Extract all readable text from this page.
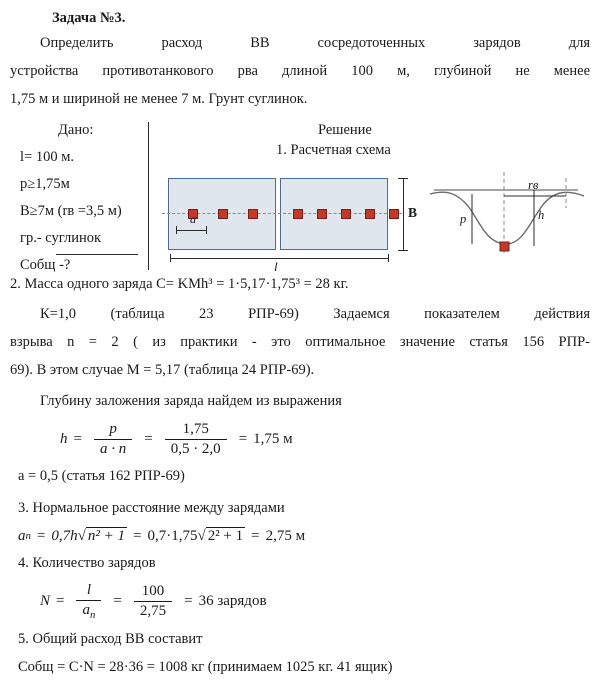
Задача №3.
Определить расход ВВ сосредоточенных зарядов для
устройства противотанкового рва длиной 100 м, глубиной не менее
1,75 м и шириной не менее 7 м. Грунт суглинок.
Дано:	Решение
1. Расчетная схема
l= 100 м.
p≥1,75м
В≥7м (rв =3,5 м)
гр.- суглинок
Собщ -?
а
l
B
rв
p	h
2. Масса одного заряда С= KMh³ = 1·5,17·1,75³ = 28 кг.
К=1,0 (таблица 23 РПР-69) Задаемся показателем действия
взрыва n = 2 ( из практики - это оптимальное значение статья 156 РПР-
69). В этом случае М = 5,17 (таблица 24 РПР-69).
Глубину заложения заряда найдем из выражения
$h = \frac{p}{a \cdot n} = \frac{1,75}{0,5 \cdot 2,0} = 1,75$ м
а = 0,5 (статья 162 РПР-69)
3. Нормальное расстояние между зарядами
a п = 0,7h √ n² + 1 = 0,7·1,75 √ 2² + 1 = 2,75 м
4. Количество зарядов
$N = \frac{l}{a_п} = \frac{100}{2,75} = 36$ зарядов
5. Общий расход ВВ составит
Собщ = С·N = 28·36 = 1008 кг (принимаем 1025 кг. 41 ящик)
